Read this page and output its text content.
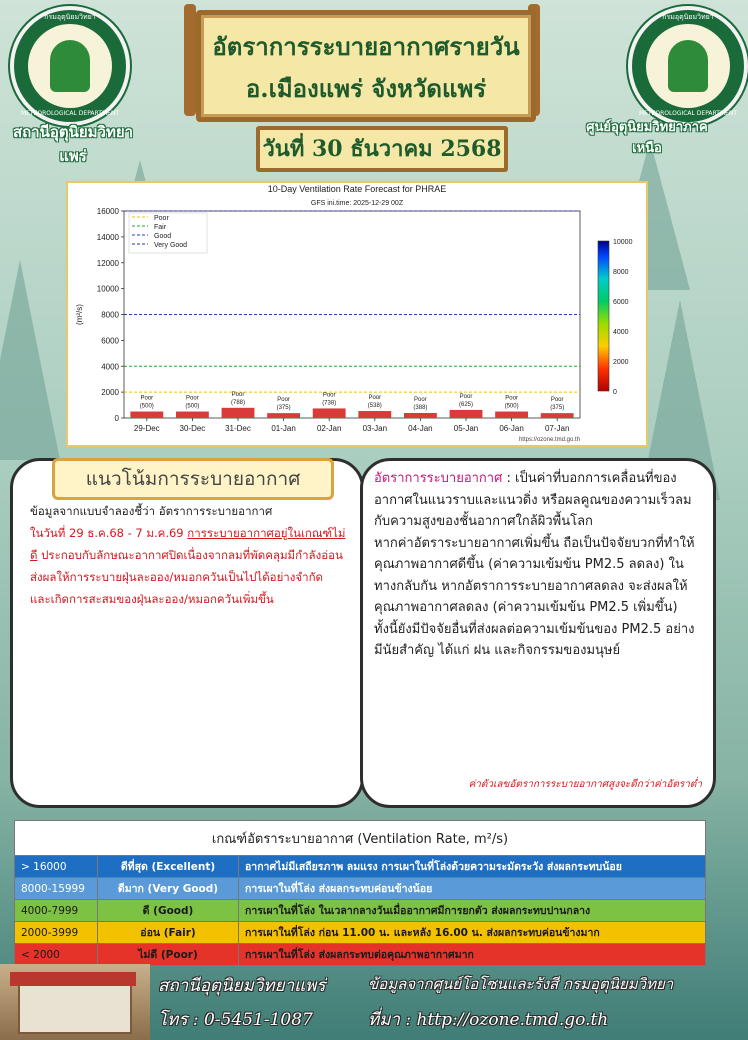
กรมอุตุนิยมวิทยา
METEOROLOGICAL DEPARTMENT
สถานีอุตุนิยมวิทยาแพร่
กรมอุตุนิยมวิทยา
METEOROLOGICAL DEPARTMENT
ศูนย์อุตุนิยมวิทยาภาคเหนือ
อัตราการระบายอากาศรายวัน
อ.เมืองแพร่ จังหวัดแพร่
วันที่ 30 ธันวาคม 2568
10-Day Ventilation Rate Forecast for PHRAE
GFS ini.time: 2025-12-29 00Z
0
2000
4000
6000
8000
10000
12000
14000
16000
(m²/s)
Poor
Fair
Good
Very Good
Poor
(500)
29-Dec
Poor
(500)
30-Dec
Poor
(788)
31-Dec
Poor
(375)
01-Jan
Poor
(738)
02-Jan
Poor
(538)
03-Jan
Poor
(388)
04-Jan
Poor
(625)
05-Jan
Poor
(500)
06-Jan
Poor
(375)
07-Jan
0
2000
4000
6000
8000
10000
https://ozone.tmd.go.th
แนวโน้มการระบายอากาศ
ข้อมูลจากแบบจำลองชี้ว่า อัตราการระบายอากาศ
ในวันที่ 29 ธ.ค.68 - 7 ม.ค.69 การระบายอากาศอยู่ในเกณฑ์ไม่ดี ประกอบกับลักษณะอากาศปิดเนื่องจากลมที่พัดคลุมมีกำลังอ่อน ส่งผลให้การระบายฝุ่นละออง/หมอกควันเป็นไปได้อย่างจำกัด และเกิดการสะสมของฝุ่นละออง/หมอกควันเพิ่มขึ้น
อัตราการระบายอากาศ : เป็นค่าที่บอกการเคลื่อนที่ของอากาศในแนวราบและแนวดิ่ง หรือผลคูณของความเร็วลมกับความสูงของชั้นอากาศใกล้ผิวพื้นโลก
หากค่าอัตราระบายอากาศเพิ่มขึ้น ถือเป็นปัจจัยบวกที่ทำให้คุณภาพอากาศดีขึ้น (ค่าความเข้มข้น PM2.5 ลดลง) ในทางกลับกัน หากอัตราการระบายอากาศลดลง จะส่งผลให้คุณภาพอากาศลดลง (ค่าความเข้มข้น PM2.5 เพิ่มขึ้น) ทั้งนี้ยังมีปัจจัยอื่นที่ส่งผลต่อความเข้มข้นของ PM2.5 อย่างมีนัยสำคัญ ได้แก่ ฝน และกิจกรรมของมนุษย์
ค่าตัวเลขอัตราการระบายอากาศสูงจะดีกว่าค่าอัตราต่ำ
เกณฑ์อัตราระบายอากาศ (Ventilation Rate, m²/s)		
> 16000	ดีที่สุด (Excellent)	อากาศไม่มีเสถียรภาพ ลมแรง การเผาในที่โล่งด้วยความระมัดระวัง ส่งผลกระทบน้อย
8000-15999	ดีมาก (Very Good)	การเผาในที่โล่ง ส่งผลกระทบค่อนข้างน้อย
4000-7999	ดี (Good)	การเผาในที่โล่ง ในเวลากลางวันเมื่ออากาศมีการยกตัว ส่งผลกระทบปานกลาง
2000-3999	อ่อน (Fair)	การเผาในที่โล่ง ก่อน 11.00 น. และหลัง 16.00 น. ส่งผลกระทบค่อนข้างมาก
< 2000	ไม่ดี (Poor)	การเผาในที่โล่ง ส่งผลกระทบต่อคุณภาพอากาศมาก
สถานีอุตุนิยมวิทยาแพร่
โทร : 0-5451-1087
ข้อมูลจากศูนย์โอโซนและรังสี กรมอุตุนิยมวิทยา
ที่มา : http://ozone.tmd.go.th
